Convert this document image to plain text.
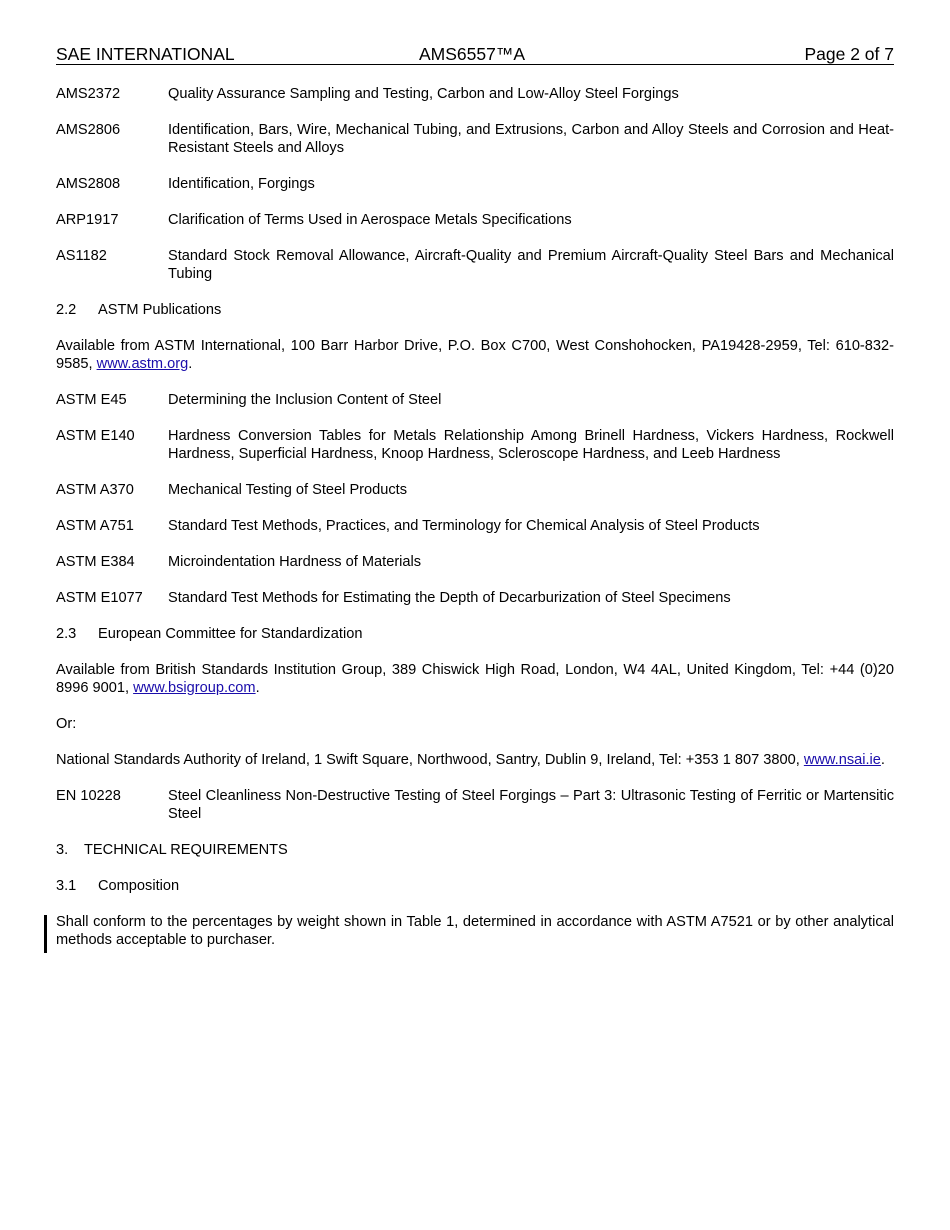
SAE INTERNATIONAL	AMS6557™A	Page 2 of 7
AMS2372	Quality Assurance Sampling and Testing, Carbon and Low-Alloy Steel Forgings
AMS2806	Identification, Bars, Wire, Mechanical Tubing, and Extrusions, Carbon and Alloy Steels and Corrosion and Heat-Resistant Steels and Alloys
AMS2808	Identification, Forgings
ARP1917	Clarification of Terms Used in Aerospace Metals Specifications
AS1182	Standard Stock Removal Allowance, Aircraft-Quality and Premium Aircraft-Quality Steel Bars and Mechanical Tubing
2.2 ASTM Publications
Available from ASTM International, 100 Barr Harbor Drive, P.O. Box C700, West Conshohocken, PA19428-2959, Tel: 610-832-9585, www.astm.org.
ASTM E45	Determining the Inclusion Content of Steel
ASTM E140	Hardness Conversion Tables for Metals Relationship Among Brinell Hardness, Vickers Hardness, Rockwell Hardness, Superficial Hardness, Knoop Hardness, Scleroscope Hardness, and Leeb Hardness
ASTM A370	Mechanical Testing of Steel Products
ASTM A751	Standard Test Methods, Practices, and Terminology for Chemical Analysis of Steel Products
ASTM E384	Microindentation Hardness of Materials
ASTM E1077	Standard Test Methods for Estimating the Depth of Decarburization of Steel Specimens
2.3 European Committee for Standardization
Available from British Standards Institution Group, 389 Chiswick High Road, London, W4 4AL, United Kingdom, Tel: +44 (0)20 8996 9001, www.bsigroup.com.
Or:
National Standards Authority of Ireland, 1 Swift Square, Northwood, Santry, Dublin 9, Ireland, Tel: +353 1 807 3800, www.nsai.ie.
EN 10228	Steel Cleanliness Non-Destructive Testing of Steel Forgings – Part 3: Ultrasonic Testing of Ferritic or Martensitic Steel
3. TECHNICAL REQUIREMENTS
3.1 Composition
Shall conform to the percentages by weight shown in Table 1, determined in accordance with ASTM A7521 or by other analytical methods acceptable to purchaser.
